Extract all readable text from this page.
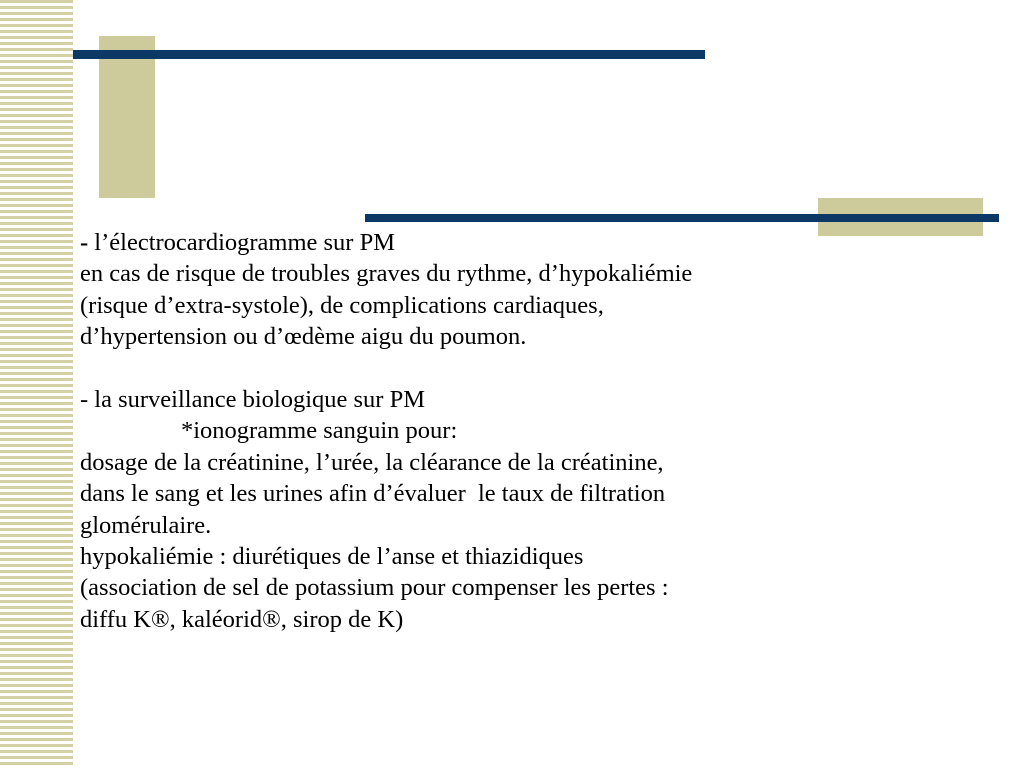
- l’électrocardiogramme sur PM
en cas de risque de troubles graves du rythme, d’hypokaliémie
(risque d’extra-systole), de complications cardiaques,
d’hypertension ou d’œdème aigu du poumon.
- la surveillance biologique sur PM
*ionogramme sanguin pour:
dosage de la créatinine, l’urée, la cléarance de la créatinine,
dans le sang et les urines afin d’évaluer  le taux de filtration
glomérulaire.
hypokaliémie : diurétiques de l’anse et thiazidiques
(association de sel de potassium pour compenser les pertes :
diffu K®, kaléorid®, sirop de K)
